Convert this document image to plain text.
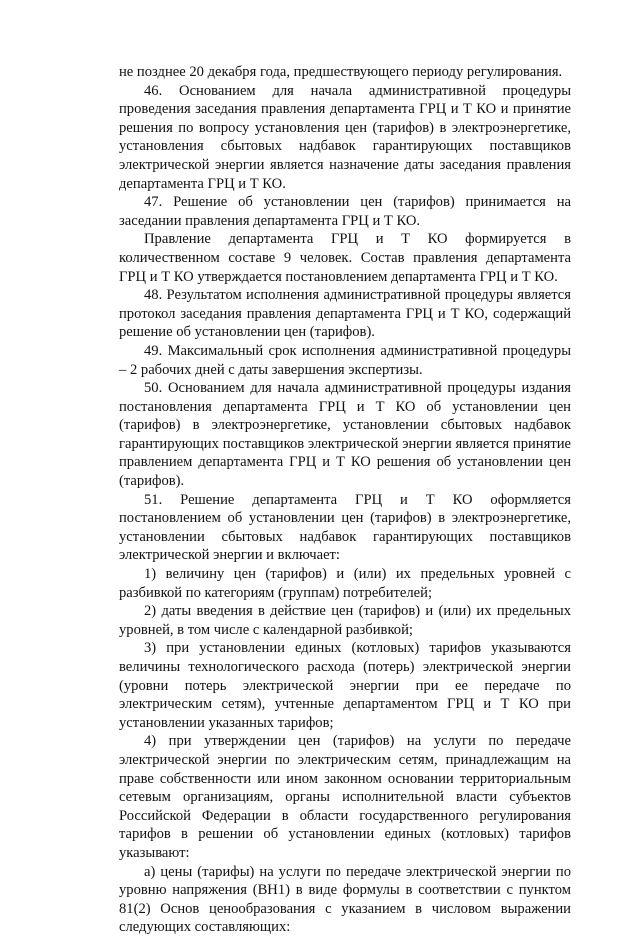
не позднее 20 декабря года, предшествующего периоду регулирования.

46. Основанием для начала административной процедуры проведения заседания правления департамента ГРЦ и Т КО и принятие решения по вопросу установления цен (тарифов) в электроэнергетике, установления сбытовых надбавок гарантирующих поставщиков электрической энергии является назначение даты заседания правления департамента ГРЦ и Т КО.

47. Решение об установлении цен (тарифов) принимается на заседании правления департамента ГРЦ и Т КО.

Правление департамента ГРЦ и Т КО формируется в количественном составе 9 человек. Состав правления департамента ГРЦ и Т КО утверждается постановлением департамента ГРЦ и Т КО.

48. Результатом исполнения административной процедуры является протокол заседания правления департамента ГРЦ и Т КО, содержащий решение об установлении цен (тарифов).

49. Максимальный срок исполнения административной процедуры – 2 рабочих дней с даты завершения экспертизы.

50. Основанием для начала административной процедуры издания постановления департамента ГРЦ и Т КО об установлении цен (тарифов) в электроэнергетике, установлении сбытовых надбавок гарантирующих поставщиков электрической энергии является принятие правлением департамента ГРЦ и Т КО решения об установлении цен (тарифов).

51. Решение департамента ГРЦ и Т КО оформляется постановлением об установлении цен (тарифов) в электроэнергетике, установлении сбытовых надбавок гарантирующих поставщиков электрической энергии и включает:

1) величину цен (тарифов) и (или) их предельных уровней с разбивкой по категориям (группам) потребителей;

2) даты введения в действие цен (тарифов) и (или) их предельных уровней, в том числе с календарной разбивкой;

3) при установлении единых (котловых) тарифов указываются величины технологического расхода (потерь) электрической энергии (уровни потерь электрической энергии при ее передаче по электрическим сетям), учтенные департаментом ГРЦ и Т КО при установлении указанных тарифов;

4) при утверждении цен (тарифов) на услуги по передаче электрической энергии по электрическим сетям, принадлежащим на праве собственности или ином законном основании территориальным сетевым организациям, органы исполнительной власти субъектов Российской Федерации в области государственного регулирования тарифов в решении об установлении единых (котловых) тарифов указывают:

а) цены (тарифы) на услуги по передаче электрической энергии по уровню напряжения (ВН1) в виде формулы в соответствии с пунктом 81(2) Основ ценообразования с указанием в числовом выражении следующих составляющих:
